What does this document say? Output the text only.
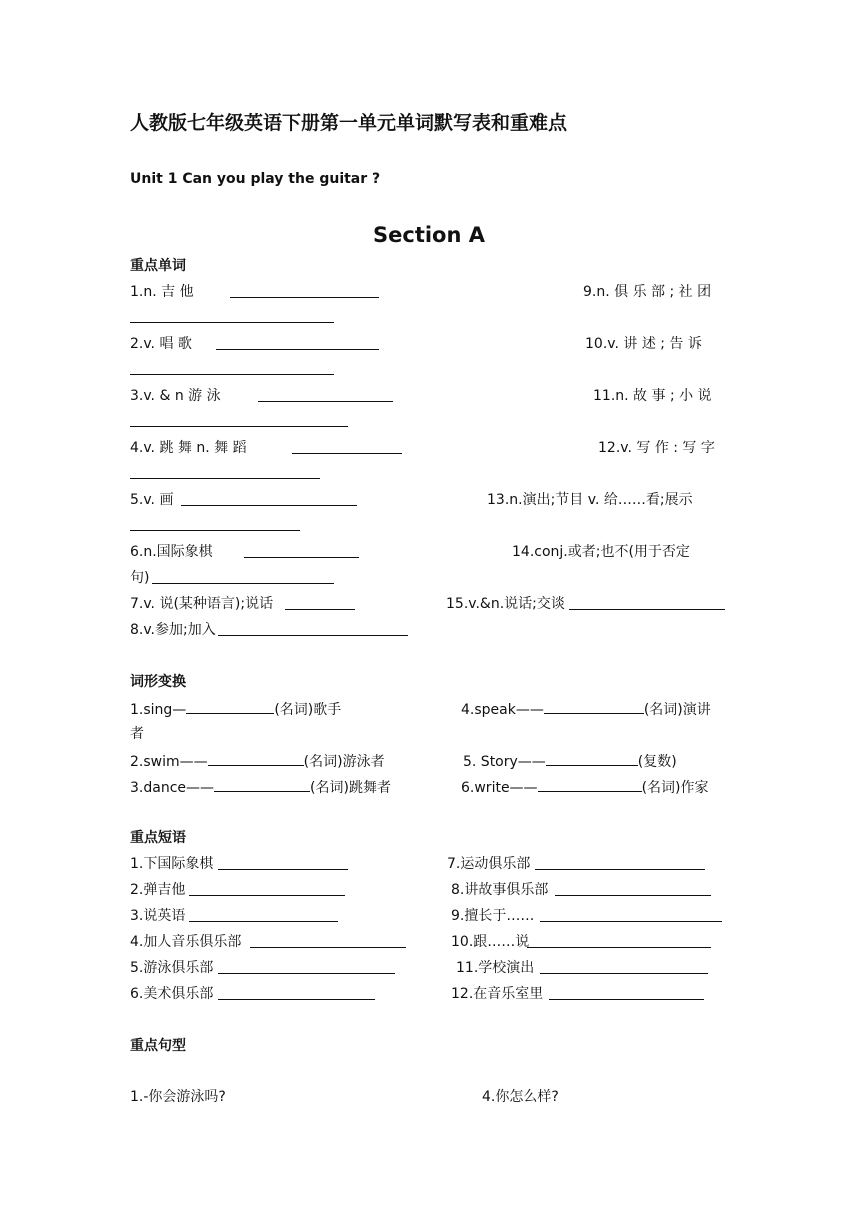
人教版七年级英语下册第一单元单词默写表和重难点
Unit 1 Can you play the guitar ?
Section A
重点单词
1.n. 吉 他	9.n. 俱 乐 部 ; 社 团
2.v. 唱 歌	10.v. 讲 述 ; 告 诉
3.v. & n 游 泳	11.n. 故 事 ; 小 说
4.v. 跳 舞 n. 舞 蹈	12.v. 写 作 : 写 字
5.v. 画	13.n.演出;节目 v. 给……看;展示
6.n.国际象棋	14.conj.或者;也不(用于否定
句)
7.v. 说(某种语言);说话	15.v.&n.说话;交谈
8.v.参加;加入
词形变换
1.sing—	(名词)歌手	4.speak——	(名词)演讲
者
2.swim——	(名词)游泳者	5. Story——	(复数)
3.dance——	(名词)跳舞者	6.write——	(名词)作家
重点短语
1.下国际象棋	7.运动俱乐部
2.弹吉他	8.讲故事俱乐部
3.说英语	9.擅长于……
4.加人音乐俱乐部	10.跟……说
5.游泳俱乐部	11.学校演出
6.美术俱乐部	12.在音乐室里
重点句型
1.-你会游泳吗?	4.你怎么样?
